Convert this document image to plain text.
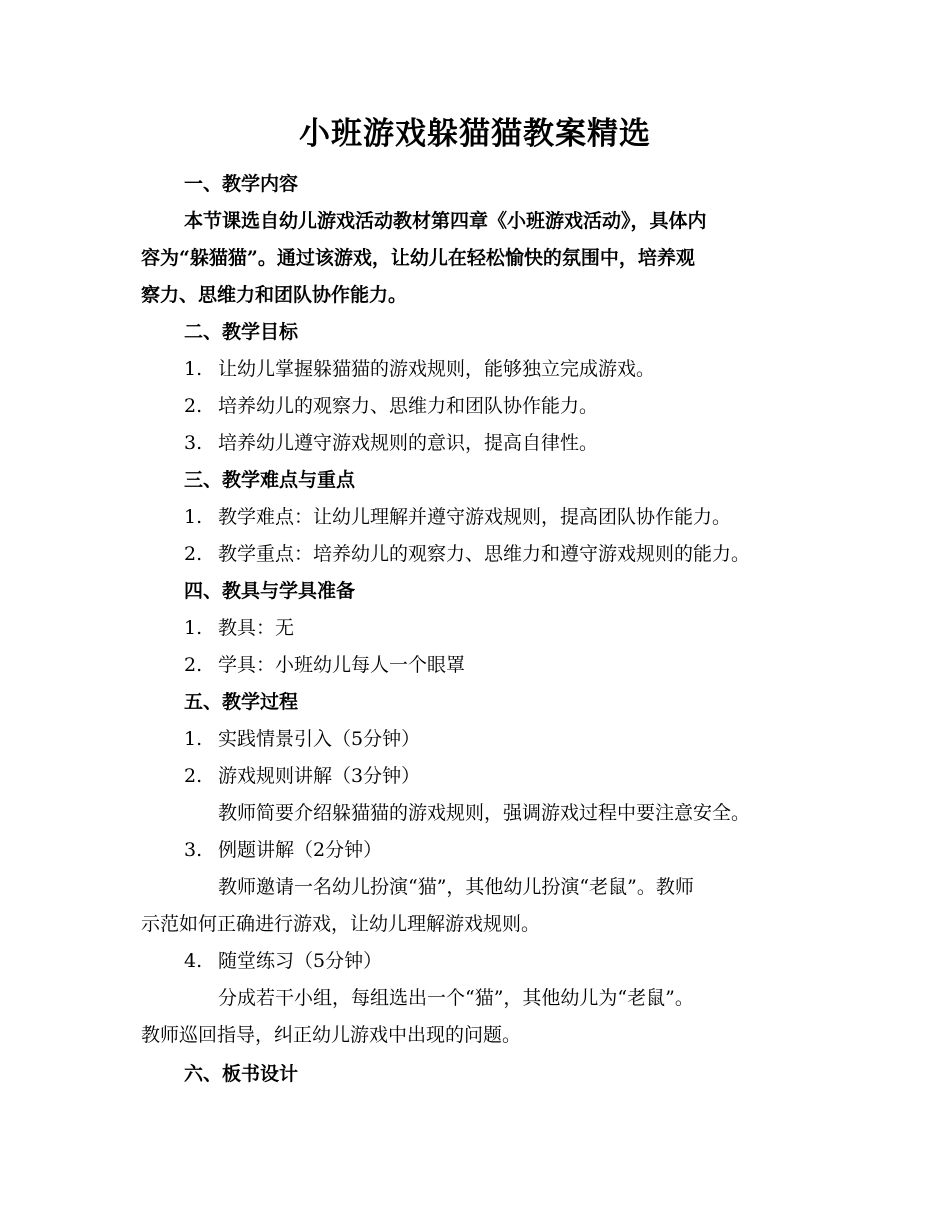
小班游戏躲猫猫教案精选
一、教学内容
本节课选自幼儿游戏活动教材第四章《小班游戏活动》，具体内
容为“躲猫猫”。通过该游戏，让幼儿在轻松愉快的氛围中，培养观
察力、思维力和团队协作能力。
二、教学目标
1. 让幼儿掌握躲猫猫的游戏规则，能够独立完成游戏。
2. 培养幼儿的观察力、思维力和团队协作能力。
3. 培养幼儿遵守游戏规则的意识，提高自律性。
三、教学难点与重点
1. 教学难点：让幼儿理解并遵守游戏规则，提高团队协作能力。
2. 教学重点：培养幼儿的观察力、思维力和遵守游戏规则的能力。
四、教具与学具准备
1. 教具：无
2. 学具：小班幼儿每人一个眼罩
五、教学过程
1. 实践情景引入（5分钟）
2. 游戏规则讲解（3分钟）
教师简要介绍躲猫猫的游戏规则，强调游戏过程中要注意安全。
3. 例题讲解（2分钟）
教师邀请一名幼儿扮演“猫”，其他幼儿扮演“老鼠”。教师
示范如何正确进行游戏，让幼儿理解游戏规则。
4. 随堂练习（5分钟）
分成若干小组，每组选出一个“猫”，其他幼儿为“老鼠”。
教师巡回指导，纠正幼儿游戏中出现的问题。
六、板书设计
